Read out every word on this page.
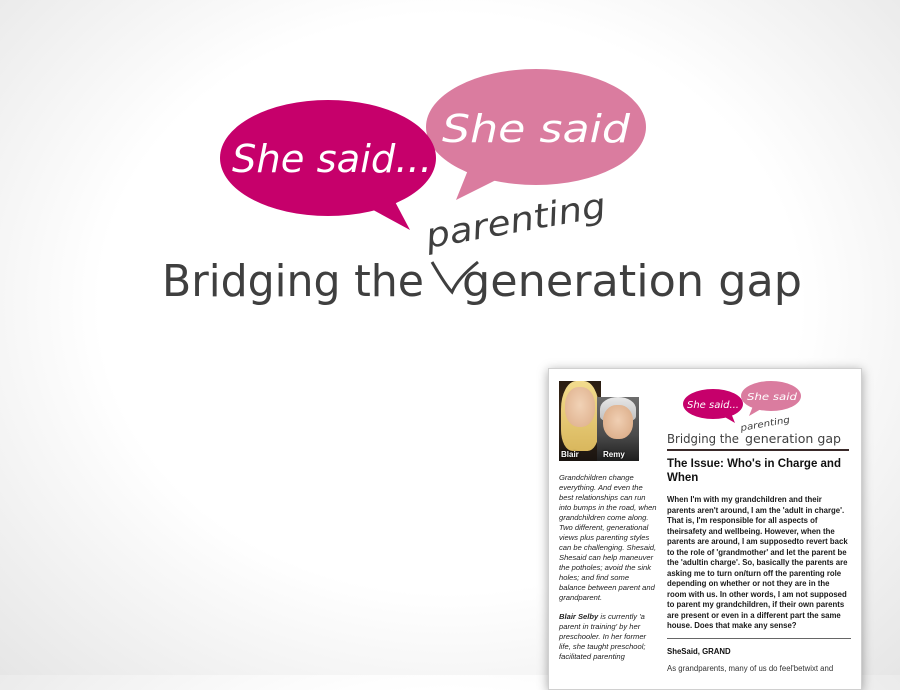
She said...
She said
Bridging the generation gap
parenting
Blair	Remy

Grandchildren change everything. And even the best relationships can run into bumps in the road, when grandchildren come along. Two different, generational views plus parenting styles can be challenging. Shesaid, Shesaid can help maneuver the potholes; avoid the sink holes; and find some balance between parent and grandparent.

Blair Selby is currently 'a parent in training' by her preschooler. In her former life, she taught preschool; facilitated parenting

She said...
She said
Bridging the generation gap
parenting

The Issue: Who's in Charge and When

When I'm with my grandchildren and their parents aren't around, I am the 'adult in charge'. That is, I'm responsible for all aspects of theirsafety and wellbeing. However, when the parents are around, I am supposedto revert back to the role of 'grandmother' and let the parent be the 'adultin charge'. So, basically the parents are asking me to turn on/turn off the parenting role depending on whether or not they are in the room with us. In other words, I am not supposed to parent my grandchildren, if their own parents are present or even in a different part the same house. Does that make any sense?

SheSaid, GRAND

As grandparents, many of us do feel'betwixt and
